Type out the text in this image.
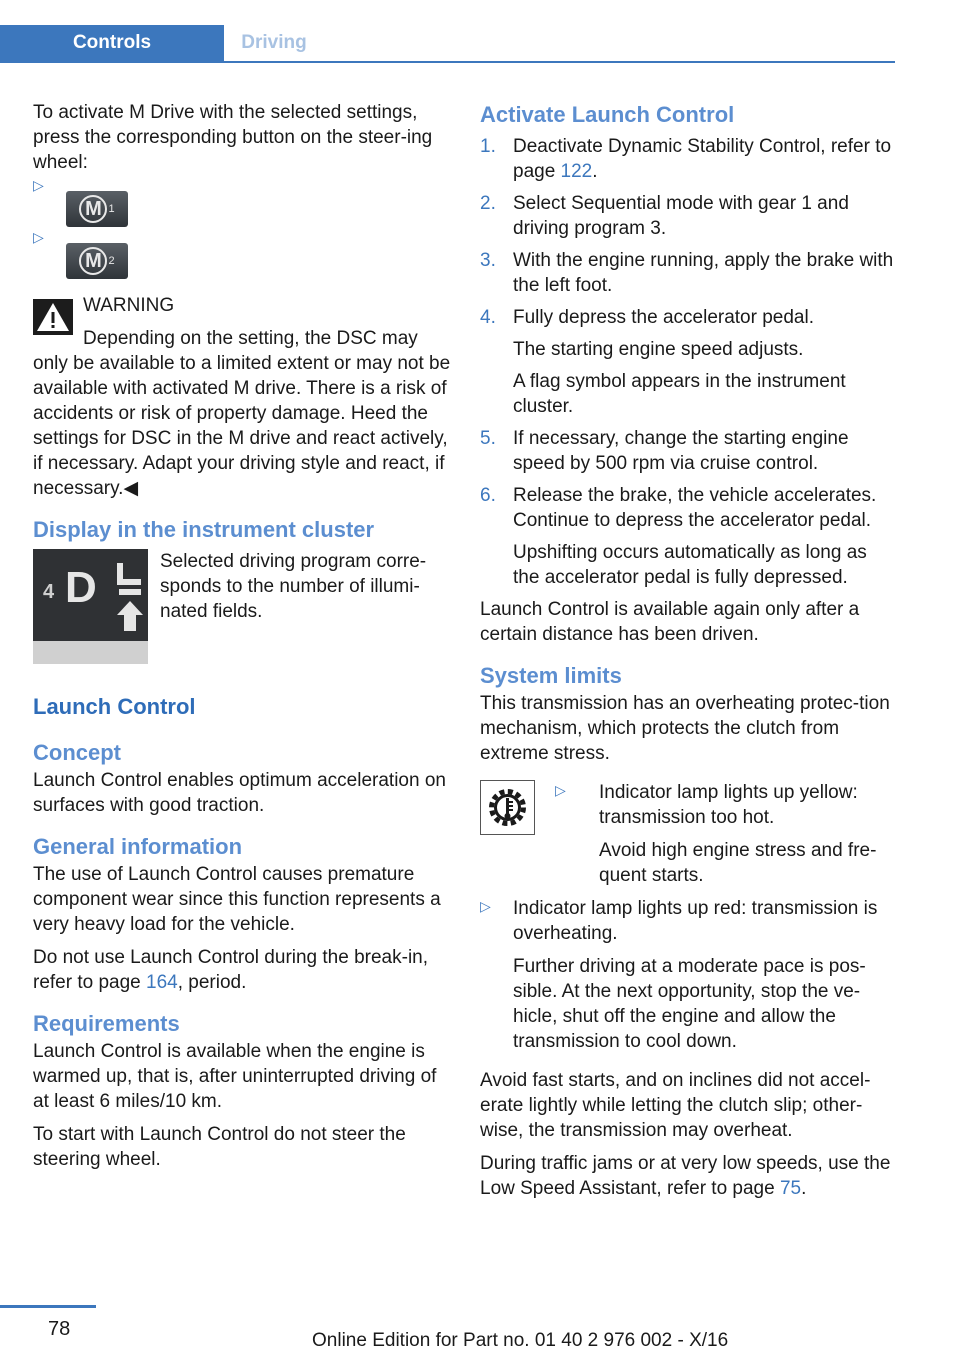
Controls	Driving

To activate M Drive with the selected settings, press the corresponding button on the steer-ing wheel:

▷
M 1
▷
M 2

WARNING

Depending on the setting, the DSC may only be available to a limited extent or may not be available with activated M drive. There is a risk of accidents or risk of property damage. Heed the settings for DSC in the M drive and react actively, if necessary. Adapt your driving style and react, if necessary.◀

Display in the instrument cluster
4 D

Selected driving program corre-sponds to the number of illumi-nated fields.

Launch Control
Concept

Launch Control enables optimum acceleration on surfaces with good traction.

General information

The use of Launch Control causes premature component wear since this function represents a very heavy load for the vehicle.

Do not use Launch Control during the break-in, refer to page 164, period.

Requirements

Launch Control is available when the engine is warmed up, that is, after uninterrupted driving of at least 6 miles/10 km.

To start with Launch Control do not steer the steering wheel.

Activate Launch Control
1. Deactivate Dynamic Stability Control, refer to page 122.
2. Select Sequential mode with gear 1 and driving program 3.
3. With the engine running, apply the brake with the left foot.
4. Fully depress the accelerator pedal.

The starting engine speed adjusts.

A flag symbol appears in the instrument cluster.

5. If necessary, change the starting engine speed by 500 rpm via cruise control.
6. Release the brake, the vehicle accelerates. Continue to depress the accelerator pedal.

Upshifting occurs automatically as long as the accelerator pedal is fully depressed.

Launch Control is available again only after a certain distance has been driven.

System limits

This transmission has an overheating protec-tion mechanism, which protects the clutch from extreme stress.

▷ Indicator lamp lights up yellow: transmission too hot.

Avoid high engine stress and fre-quent starts.

▷ Indicator lamp lights up red: transmission is overheating.

Further driving at a moderate pace is pos-sible. At the next opportunity, stop the ve-hicle, shut off the engine and allow the transmission to cool down.

Avoid fast starts, and on inclines did not accel-erate lightly while letting the clutch slip; other-wise, the transmission may overheat.

During traffic jams or at very low speeds, use the Low Speed Assistant, refer to page 75.

78
Online Edition for Part no. 01 40 2 976 002 - X/16
